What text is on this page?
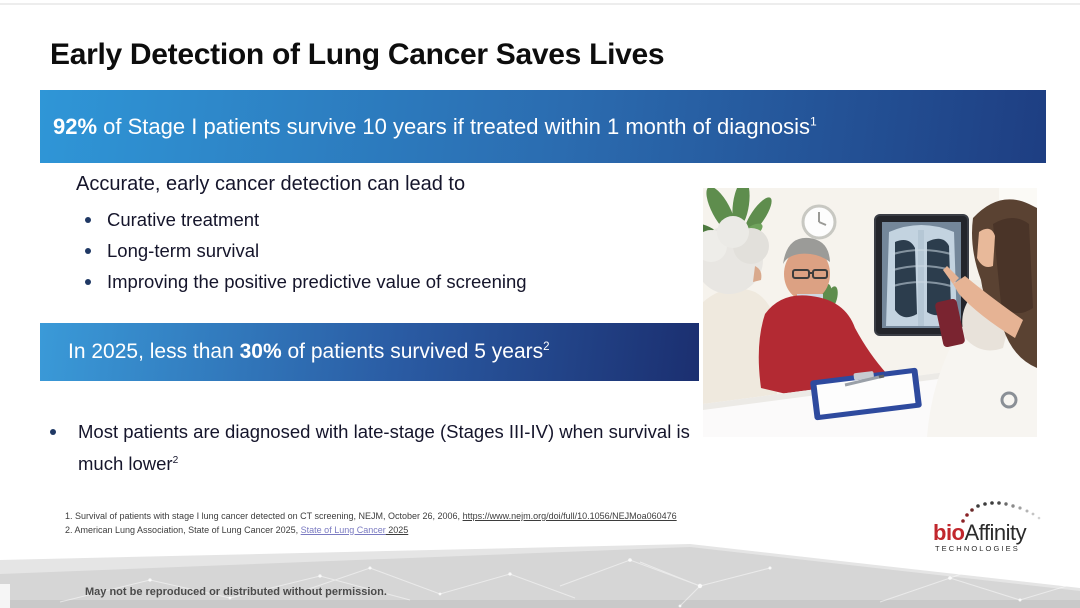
Early Detection of Lung Cancer Saves Lives
92% of Stage I patients survive 10 years if treated within 1 month of diagnosis$^1$
Accurate, early cancer detection can lead to
Curative treatment
Long-term survival
Improving the positive predictive value of screening
In 2025, less than 30% of patients survived 5 years$^2$
Most patients are diagnosed with late-stage (Stages III-IV) when survival is much lower$^2$
1. Survival of patients with stage I lung cancer detected on CT screening, NEJM, October 26, 2006, https://www.nejm.org/doi/full/10.1056/NEJMoa060476
2. American Lung Association, State of Lung Cancer 2025, State of Lung Cancer 2025	bioAffinity
TECHNOLOGIES
May not be reproduced or distributed without permission.
